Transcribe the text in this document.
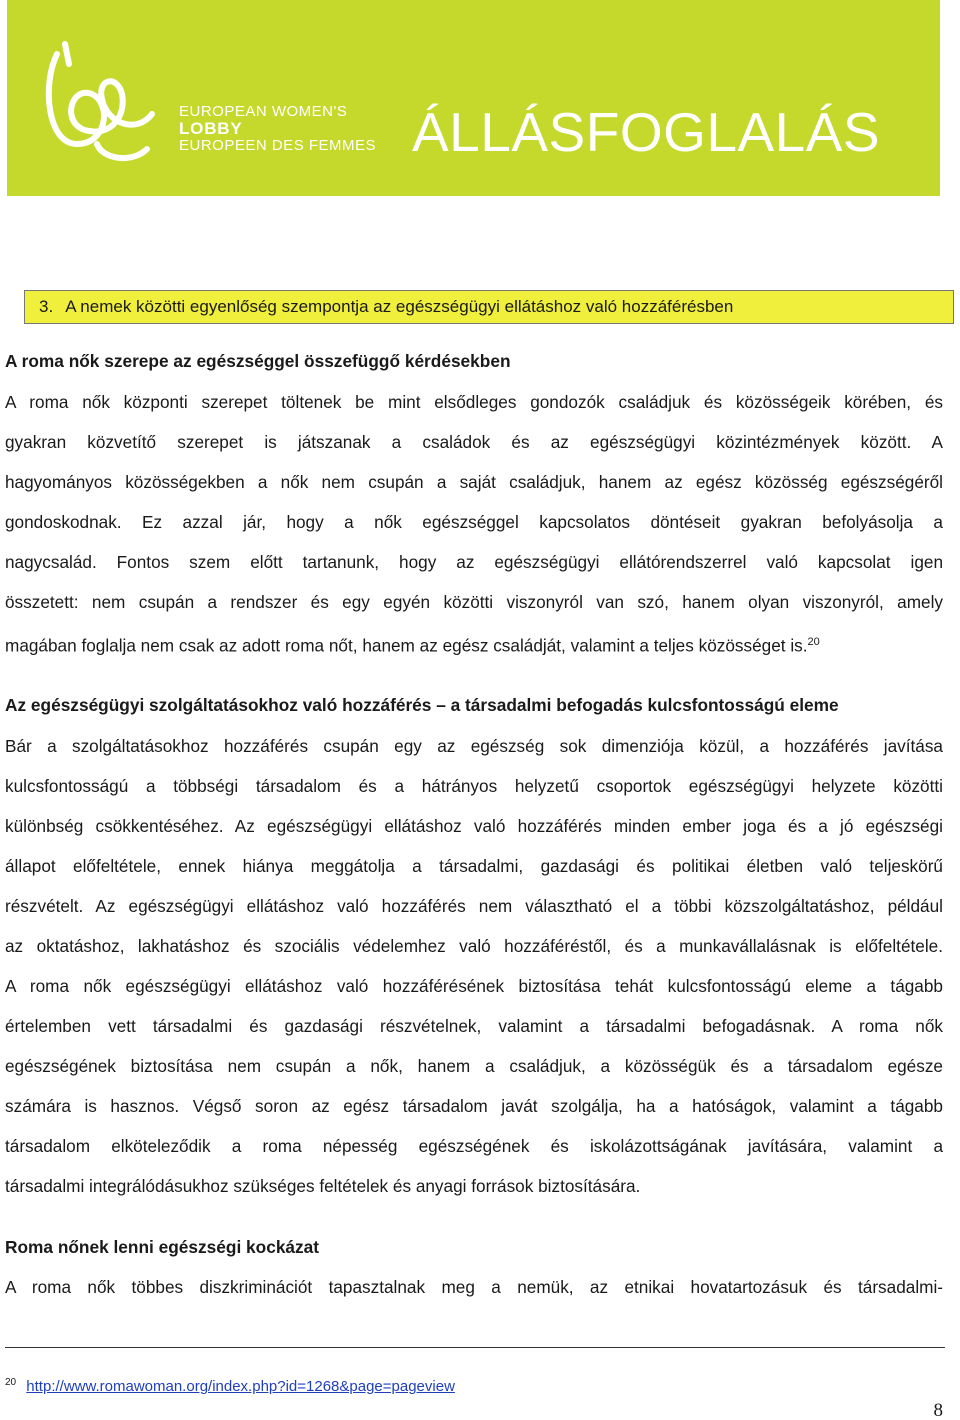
EUROPEAN WOMEN'S
LOBBY
EUROPEEN DES FEMMES ÁLLÁSFOGLALÁS
3. A nemek közötti egyenlőség szempontja az egészségügyi ellátáshoz való hozzáférésben
A roma nők szerepe az egészséggel összefüggő kérdésekben
A roma nők központi szerepet töltenek be mint elsődleges gondozók családjuk és közösségeik körében, és
gyakran közvetítő szerepet is játszanak a családok és az egészségügyi közintézmények között. A
hagyományos közösségekben a nők nem csupán a saját családjuk, hanem az egész közösség egészségéről
gondoskodnak. Ez azzal jár, hogy a nők egészséggel kapcsolatos döntéseit gyakran befolyásolja a
nagycsalád. Fontos szem előtt tartanunk, hogy az egészségügyi ellátórendszerrel való kapcsolat igen
összetett: nem csupán a rendszer és egy egyén közötti viszonyról van szó, hanem olyan viszonyról, amely
magában foglalja nem csak az adott roma nőt, hanem az egész családját, valamint a teljes közösséget is.$^{20}$
Az egészségügyi szolgáltatásokhoz való hozzáférés – a társadalmi befogadás kulcsfontosságú eleme
Bár a szolgáltatásokhoz hozzáférés csupán egy az egészség sok dimenziója közül, a hozzáférés javítása
kulcsfontosságú a többségi társadalom és a hátrányos helyzetű csoportok egészségügyi helyzete közötti
különbség csökkentéséhez. Az egészségügyi ellátáshoz való hozzáférés minden ember joga és a jó egészségi
állapot előfeltétele, ennek hiánya meggátolja a társadalmi, gazdasági és politikai életben való teljeskörű
részvételt. Az egészségügyi ellátáshoz való hozzáférés nem választható el a többi közszolgáltatáshoz, például
az oktatáshoz, lakhatáshoz és szociális védelemhez való hozzáféréstől, és a munkavállalásnak is előfeltétele.
A roma nők egészségügyi ellátáshoz való hozzáférésének biztosítása tehát kulcsfontosságú eleme a tágabb
értelemben vett társadalmi és gazdasági részvételnek, valamint a társadalmi befogadásnak. A roma nők
egészségének biztosítása nem csupán a nők, hanem a családjuk, a közösségük és a társadalom egésze
számára is hasznos. Végső soron az egész társadalom javát szolgálja, ha a hatóságok, valamint a tágabb
társadalom elköteleződik a roma népesség egészségének és iskolázottságának javítására, valamint a
társadalmi integrálódásukhoz szükséges feltételek és anyagi források biztosítására.
Roma nőnek lenni egészségi kockázat
A roma nők többes diszkriminációt tapasztalnak meg a nemük, az etnikai hovatartozásuk és társadalmi-
$^{20}$ http://www.romawoman.org/index.php?id=1268&page=pageview
8
